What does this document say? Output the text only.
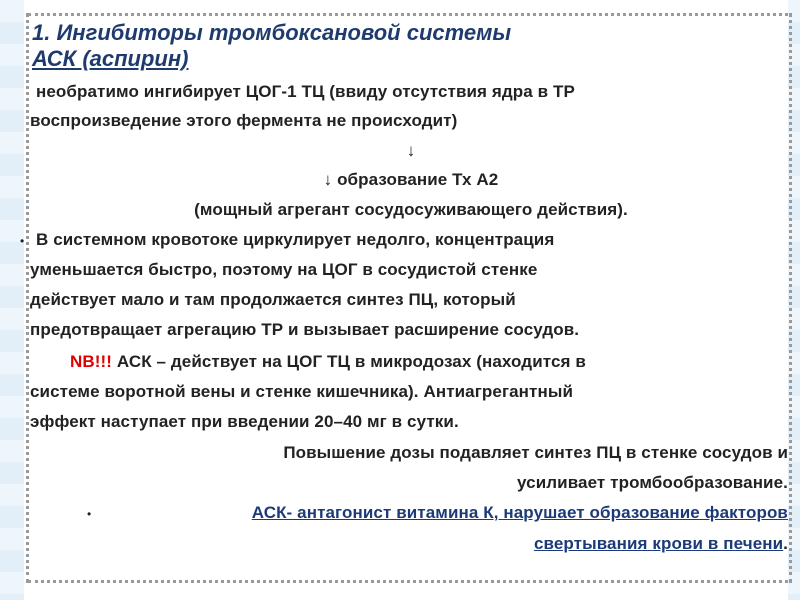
1. Ингибиторы тромбоксановой системы
АСК (аспирин)
необратимо ингибирует ЦОГ-1 ТЦ (ввиду отсутствия ядра в ТР
воспроизведение этого фермента не происходит)
↓
↓ образование Тх А2
(мощный агрегант сосудосуживающего действия).
• В системном кровотоке циркулирует недолго, концентрация
уменьшается быстро, поэтому на ЦОГ в сосудистой стенке
действует мало и там продолжается синтез ПЦ, который
предотвращает агрегацию ТР и вызывает расширение сосудов.
NB!!! АСК – действует на ЦОГ ТЦ в микродозах (находится в
системе воротной вены и стенке кишечника). Антиагрегантный
эффект наступает при введении 20–40 мг в сутки.
Повышение дозы подавляет синтез ПЦ в стенке сосудов и
усиливает тромбообразование.
•	АСК- антагонист витамина К, нарушает образование факторов
свертывания крови в печени.
